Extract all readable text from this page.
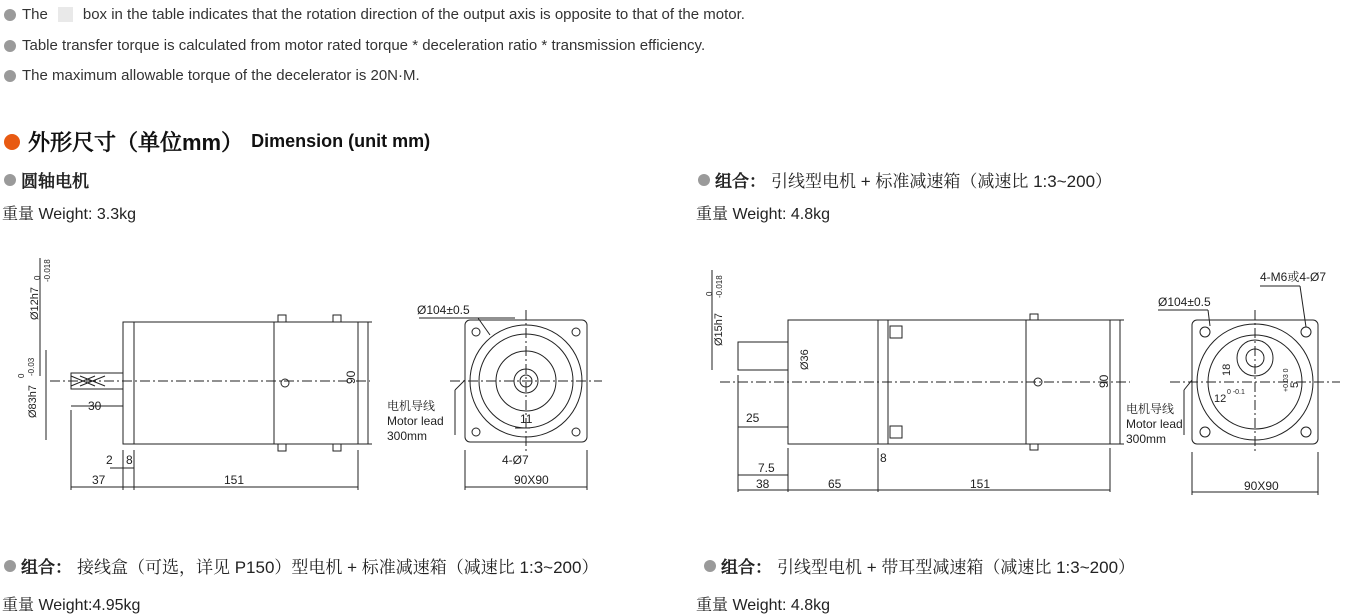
The box in the table indicates that the rotation direction of the output axis is opposite to that of the motor.
Table transfer torque is calculated from motor rated torque * deceleration ratio * transmission efficiency.
The maximum allowable torque of the decelerator is 20N·M.
外形尺寸（单位mm） Dimension (unit mm)
圆轴电机
重量 Weight: 3.3kg
组合： 引线型电机 + 标准减速箱（减速比 1:3~200）
重量 Weight: 4.8kg
组合： 接线盒（可选，详见 P150）型电机 + 标准减速箱（减速比 1:3~200）
重量 Weight:4.95kg
组合： 引线型电机 + 带耳型减速箱（减速比 1:3~200）
重量 Weight: 4.8kg
30
2 8
37	151
90
Ø12h7
0 -0.018
Ø83h7
0 -0.03
Ø104±0.5
11
4-Ø7
90X90
电机导线
Motor lead
300mm
Ø15h7
0 -0.018
Ø36
25
7.5
38	65	151
8
90
4-M6或4-Ø7
Ø104±0.5
18
12
0 -0.1
5
+0.03 0
90X90
电机导线
Motor lead
300mm
